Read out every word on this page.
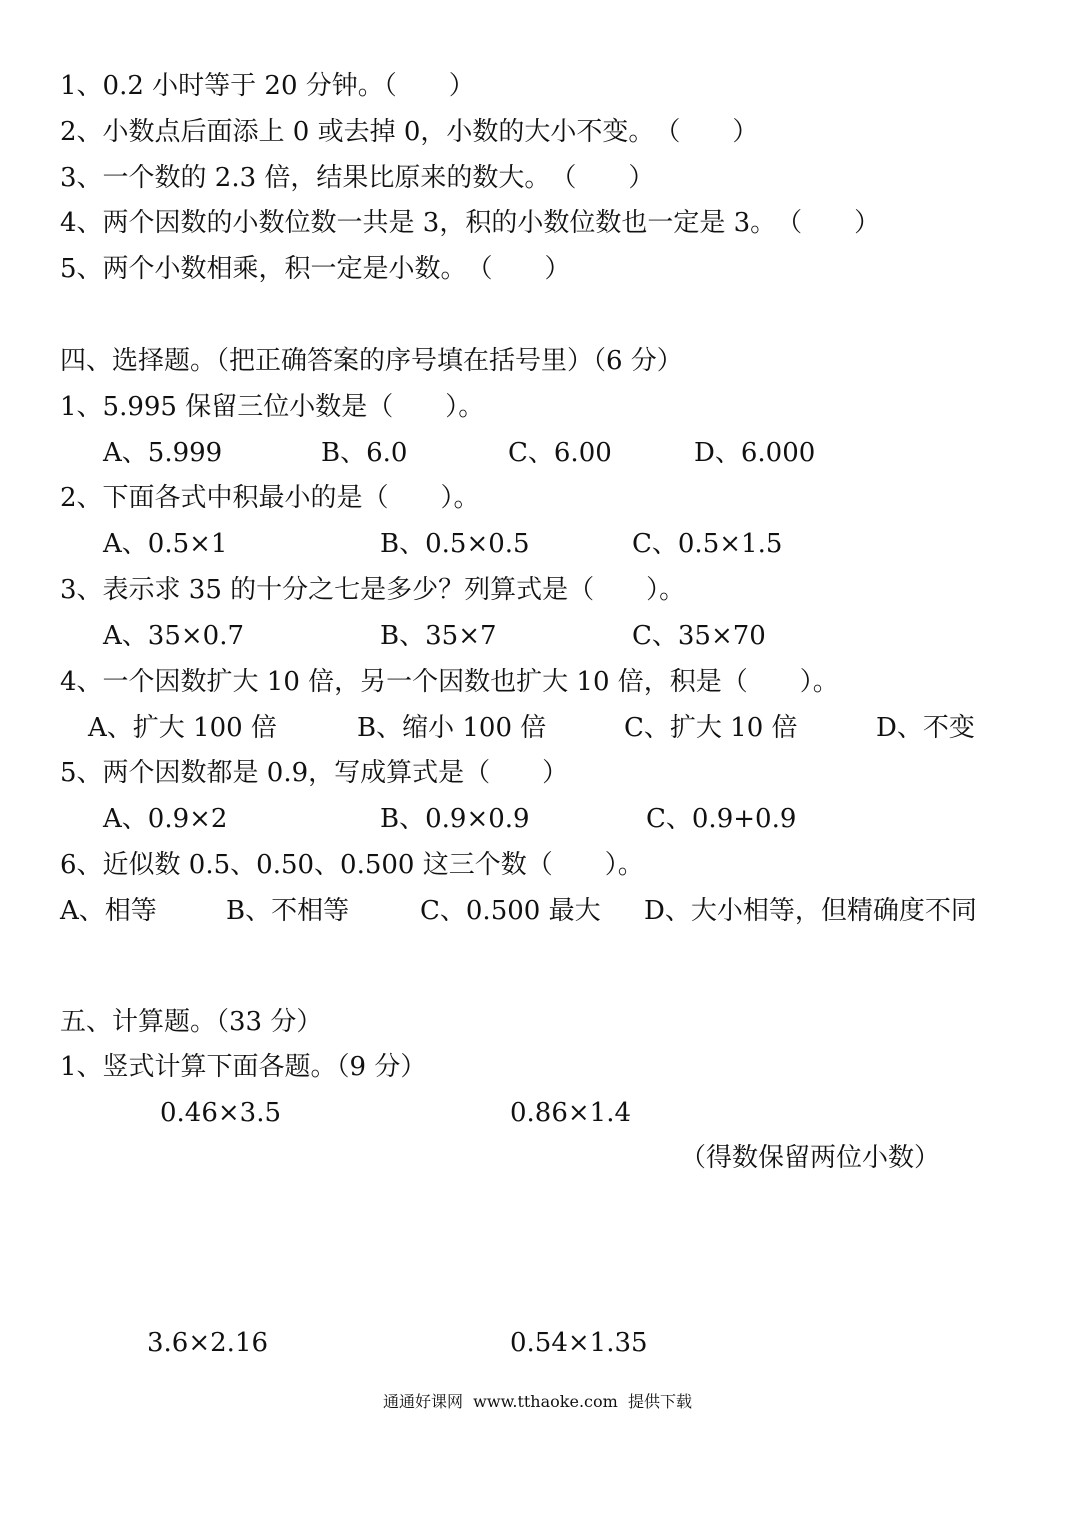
1、0.2 小时等于 20 分钟。（　　）
2、小数点后面添上 0 或去掉 0，小数的大小不变。　（　　）
3、一个数的 2.3 倍，结果比原来的数大。　（　　）
4、两个因数的小数位数一共是 3，积的小数位数也一定是 3。　（　　）
5、两个小数相乘，积一定是小数。　（　　）
四、选择题。（把正确答案的序号填在括号里）（6 分）
1、5.995 保留三位小数是（　　）。
A、5.999	B、6.0	C、6.00	D、6.000
2、下面各式中积最小的是（　　）。
A、0.5×1	B、0.5×0.5	C、0.5×1.5
3、表示求 35 的十分之七是多少？列算式是（　　）。
A、35×0.7	B、35×7	C、35×70
4、一个因数扩大 10 倍，另一个因数也扩大 10 倍，积是（　　）。
A、扩大 100 倍	B、缩小 100 倍	C、扩大 10 倍	D、不变
5、两个因数都是 0.9，写成算式是（　　）
A、0.9×2	B、0.9×0.9	C、0.9+0.9
6、近似数 0.5、0.50、0.500 这三个数（　　）。
A、相等	B、不相等	C、0.500 最大 D、大小相等，但精确度不同
五、计算题。（33 分）
1、竖式计算下面各题。（9 分）
0.46×3.5	0.86×1.4
（得数保留两位小数）
3.6×2.16	0.54×1.35
通通好课网  www.tthaoke.com  提供下载
